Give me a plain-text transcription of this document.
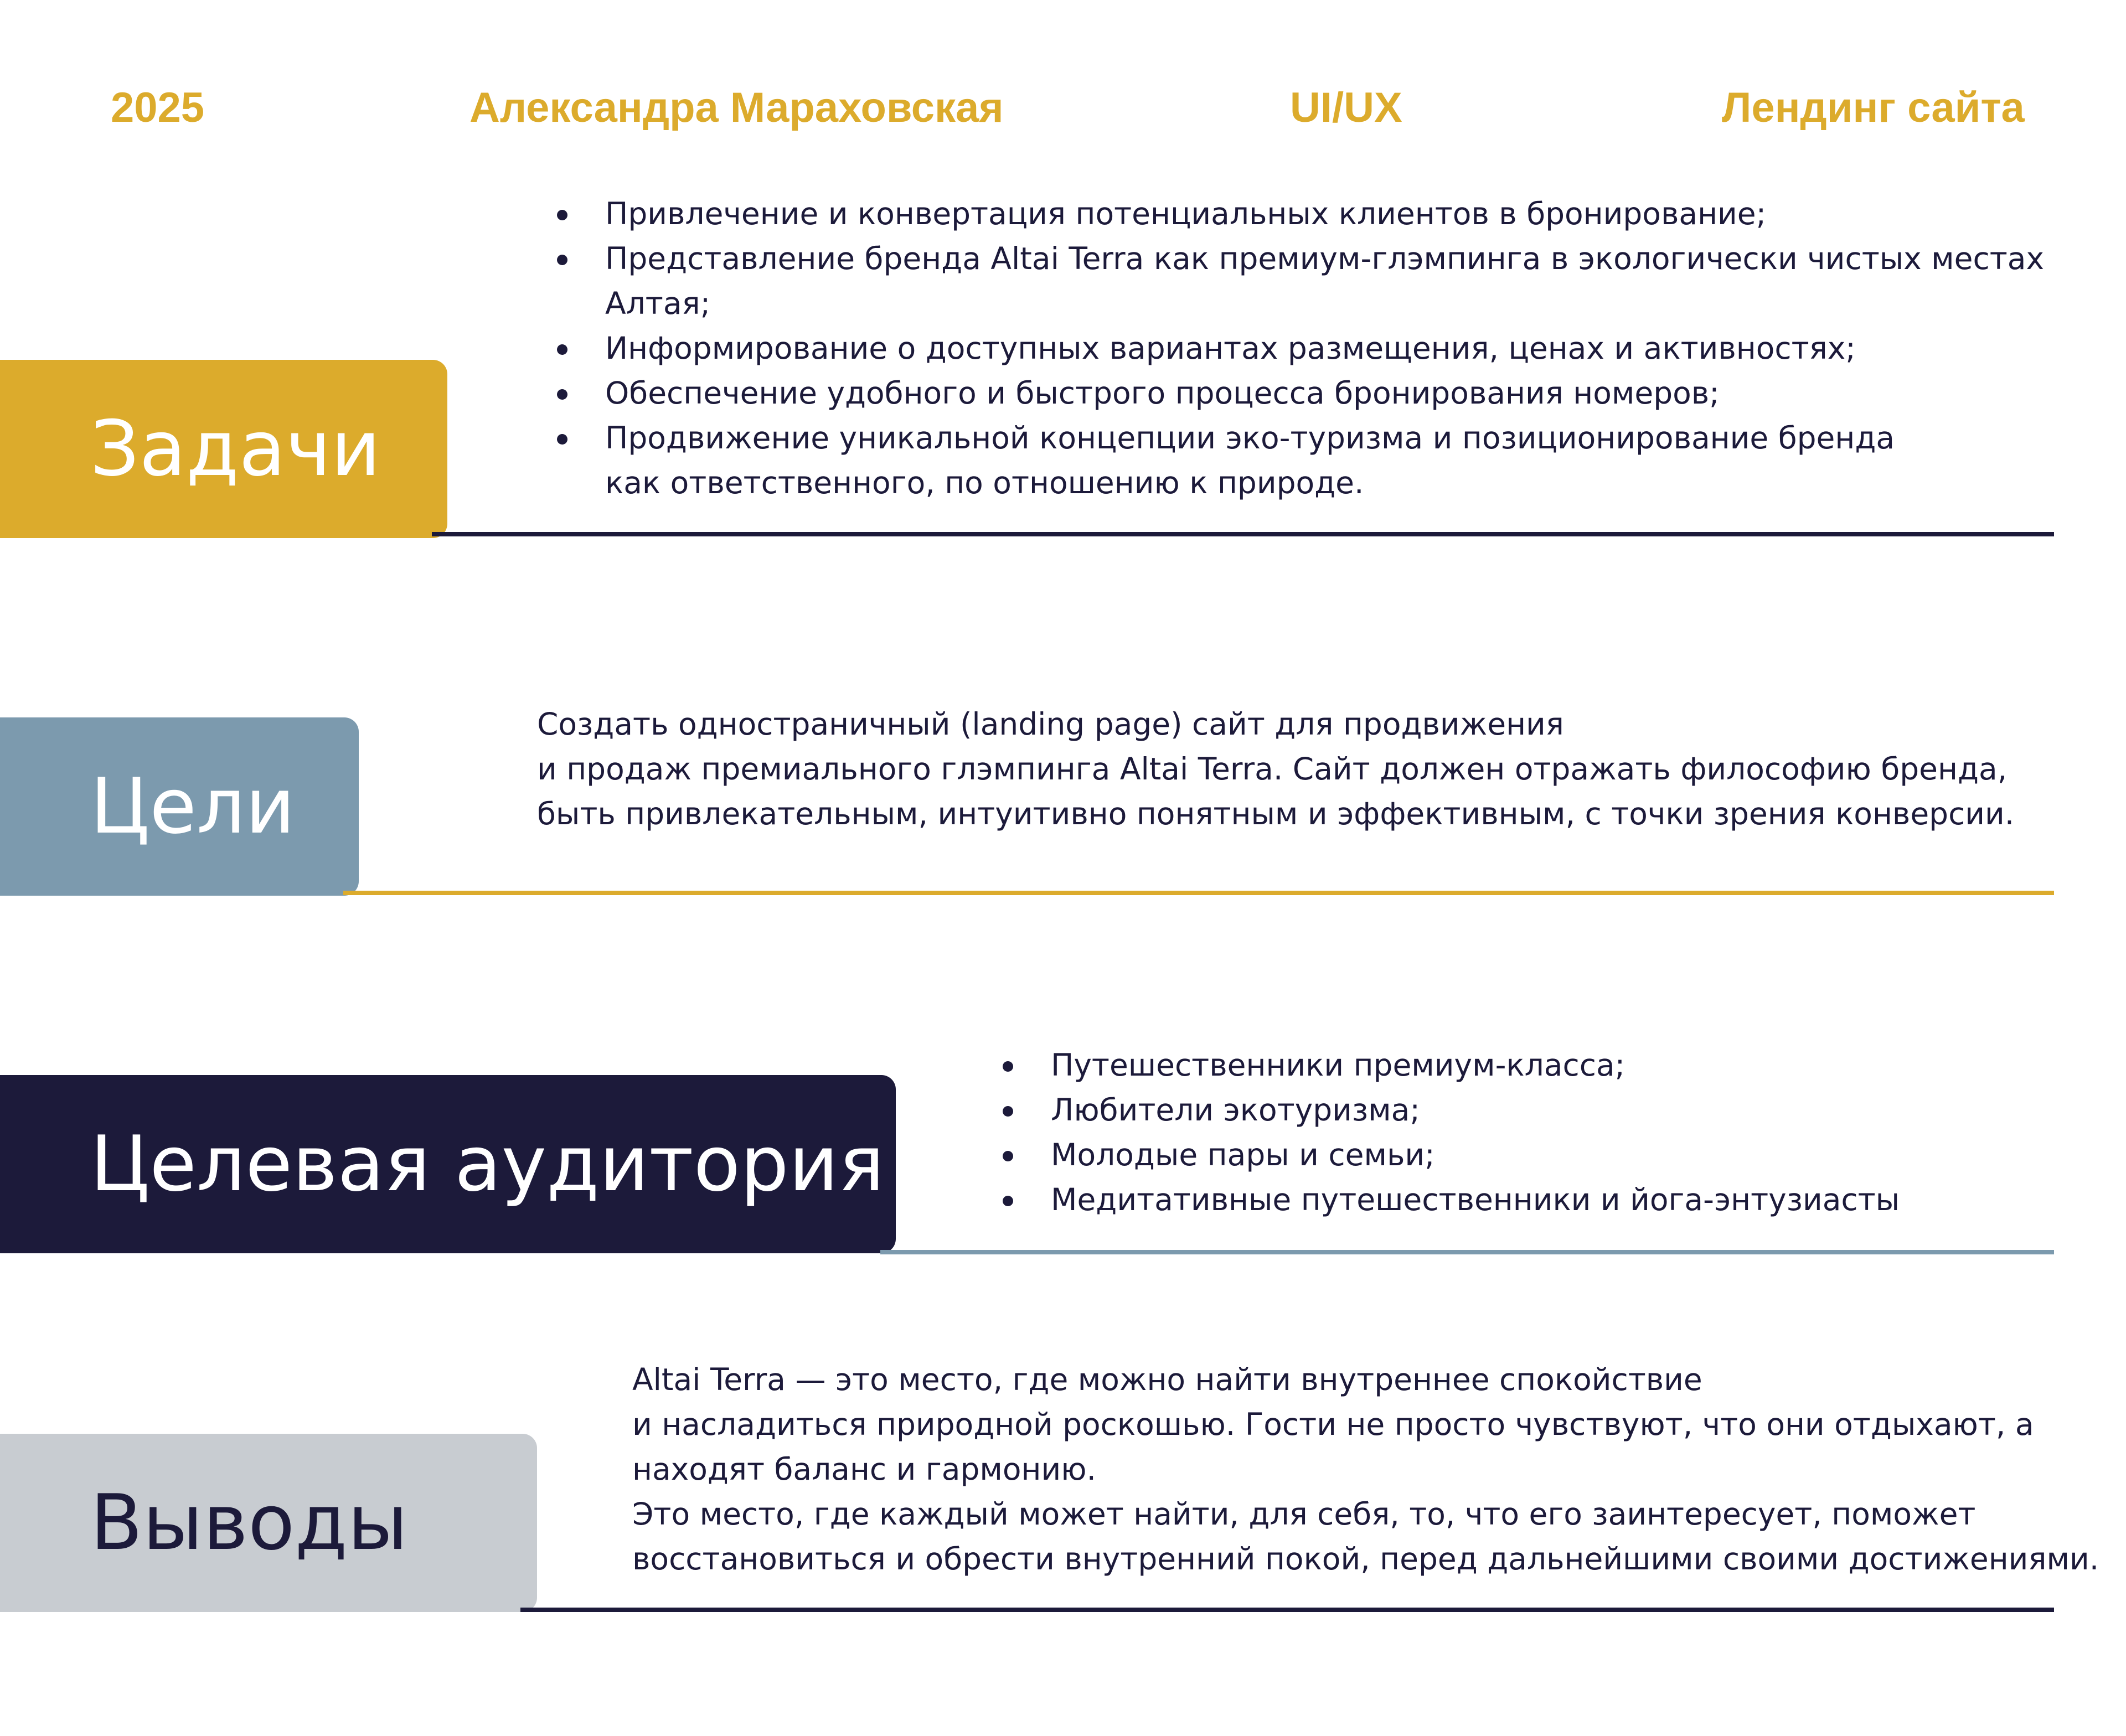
2025	Александра Мараховская	UI/UX	Лендинг сайта
Задачи
Привлечение и конвертация потенциальных клиентов в бронирование;
Представление бренда Altai Terra как премиум-глэмпинга в экологически чистых местах
Алтая;
Информирование о доступных вариантах размещения, ценах и активностях;
Обеспечение удобного и быстрого процесса бронирования номеров;
Продвижение уникальной концепции эко-туризма и позиционирование бренда
как ответственного, по отношению к природе.
Цели

Создать одностраничный (landing page) сайт для продвижения

и продаж премиального глэмпинга Altai Terra. Сайт должен отражать философию бренда,

быть привлекательным, интуитивно понятным и эффективным, с точки зрения конверсии.

Целевая аудитория
Путешественники премиум-класса;
Любители экотуризма;
Молодые пары и семьи;
Медитативные путешественники и йога-энтузиасты
Выводы

Altai Terra — это место, где можно найти внутреннее спокойствие

и насладиться природной роскошью. Гости не просто чувствуют, что они отдыхают, а

находят баланс и гармонию.

Это место, где каждый может найти, для себя, то, что его заинтересует, поможет

восстановиться и обрести внутренний покой, перед дальнейшими своими достижениями.
